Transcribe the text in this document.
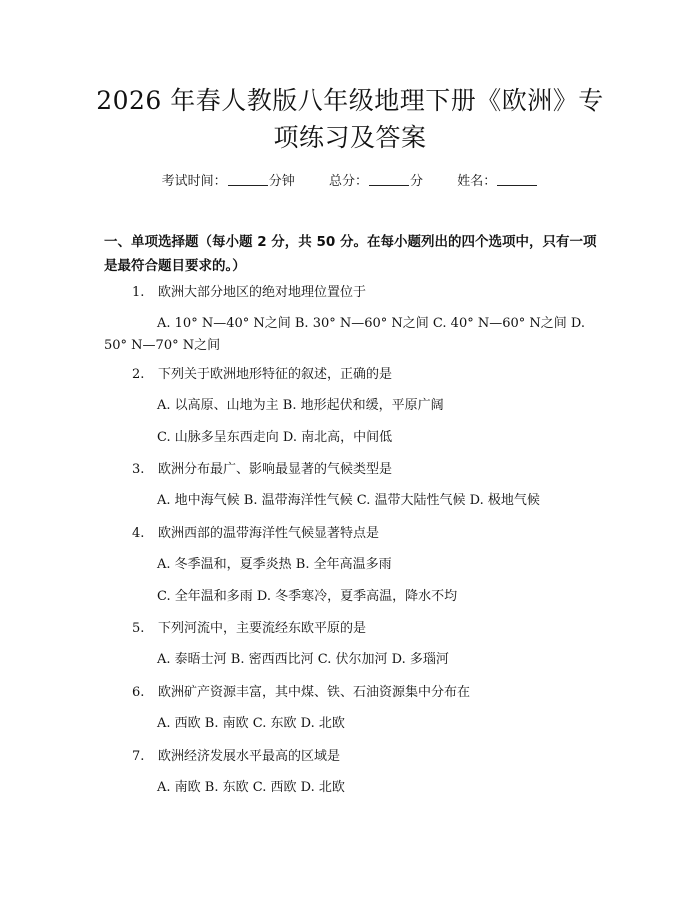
2026 年春人教版八年级地理下册《欧洲》专
项练习及答案
考试时间：	分钟	总分：	分	姓名：
一、单项选择题（每小题 2 分，共 50 分。在每小题列出的四个选项中，只有一项是最符合题目要求的。）
1. 欧洲大部分地区的绝对地理位置位于
A. 10° N—40° N之间 B. 30° N—60° N之间 C. 40° N—60° N之间 D. 50° N—70° N之间
2. 下列关于欧洲地形特征的叙述，正确的是
A. 以高原、山地为主 B. 地形起伏和缓，平原广阔
C. 山脉多呈东西走向 D. 南北高，中间低
3. 欧洲分布最广、影响最显著的气候类型是
A. 地中海气候 B. 温带海洋性气候 C. 温带大陆性气候 D. 极地气候
4. 欧洲西部的温带海洋性气候显著特点是
A. 冬季温和，夏季炎热 B. 全年高温多雨
C. 全年温和多雨 D. 冬季寒冷，夏季高温，降水不均
5. 下列河流中，主要流经东欧平原的是
A. 泰晤士河 B. 密西西比河 C. 伏尔加河 D. 多瑙河
6. 欧洲矿产资源丰富，其中煤、铁、石油资源集中分布在
A. 西欧 B. 南欧 C. 东欧 D. 北欧
7. 欧洲经济发展水平最高的区域是
A. 南欧 B. 东欧 C. 西欧 D. 北欧
